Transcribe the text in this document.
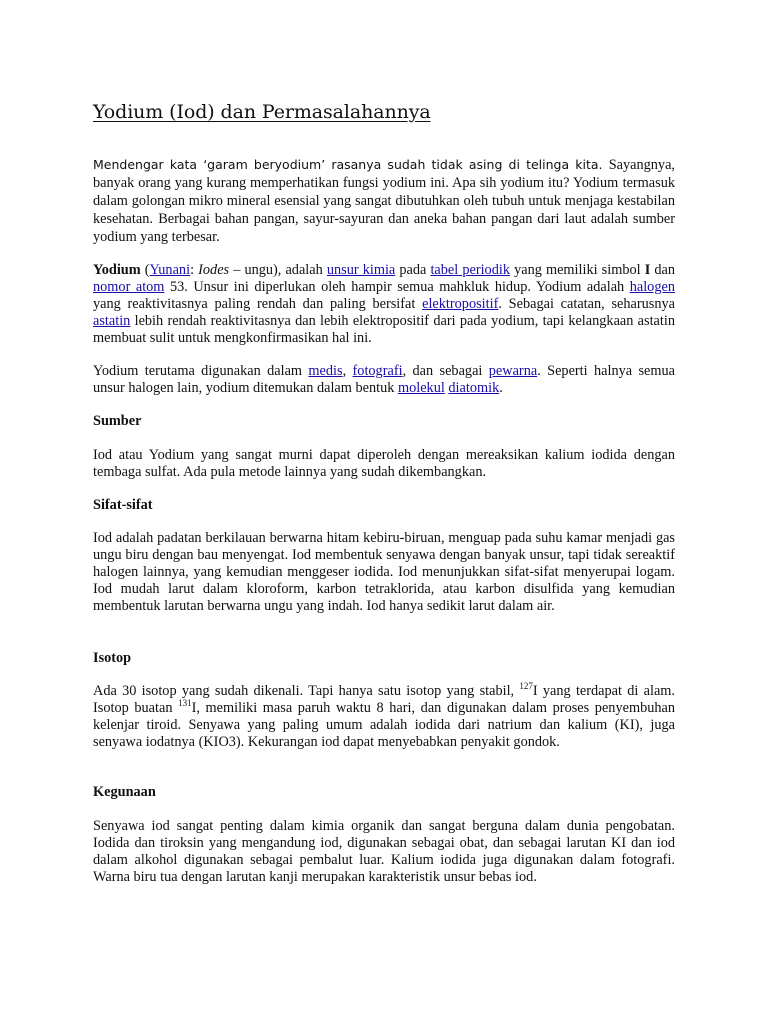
Yodium (Iod) dan Permasalahannya

Mendengar kata ‘garam beryodium’ rasanya sudah tidak asing di telinga kita. Sayangnya, banyak orang yang kurang memperhatikan fungsi yodium ini. Apa sih yodium itu? Yodium termasuk dalam golongan mikro mineral esensial yang sangat dibutuhkan oleh tubuh untuk menjaga kestabilan kesehatan. Berbagai bahan pangan, sayur-sayuran dan aneka bahan pangan dari laut adalah sumber yodium yang terbesar.

Yodium (Yunani: Iodes – ungu), adalah unsur kimia pada tabel periodik yang memiliki simbol I dan nomor atom 53. Unsur ini diperlukan oleh hampir semua mahkluk hidup. Yodium adalah halogen yang reaktivitasnya paling rendah dan paling bersifat elektropositif. Sebagai catatan, seharusnya astatin lebih rendah reaktivitasnya dan lebih elektropositif dari pada yodium, tapi kelangkaan astatin membuat sulit untuk mengkonfirmasikan hal ini.

Yodium terutama digunakan dalam medis, fotografi, dan sebagai pewarna. Seperti halnya semua unsur halogen lain, yodium ditemukan dalam bentuk molekul diatomik.

Sumber

Iod atau Yodium yang sangat murni dapat diperoleh dengan mereaksikan kalium iodida dengan tembaga sulfat. Ada pula metode lainnya yang sudah dikembangkan.

Sifat-sifat

Iod adalah padatan berkilauan berwarna hitam kebiru-biruan, menguap pada suhu kamar menjadi gas ungu biru dengan bau menyengat. Iod membentuk senyawa dengan banyak unsur, tapi tidak sereaktif halogen lainnya, yang kemudian menggeser iodida. Iod menunjukkan sifat-sifat menyerupai logam. Iod mudah larut dalam kloroform, karbon tetraklorida, atau karbon disulfida yang kemudian membentuk larutan berwarna ungu yang indah. Iod hanya sedikit larut dalam air.

Isotop

Ada 30 isotop yang sudah dikenali. Tapi hanya satu isotop yang stabil, $^{127}$I yang terdapat di alam. Isotop buatan $^{131}$I, memiliki masa paruh waktu 8 hari, dan digunakan dalam proses penyembuhan kelenjar tiroid. Senyawa yang paling umum adalah iodida dari natrium dan kalium (KI), juga senyawa iodatnya (KIO3). Kekurangan iod dapat menyebabkan penyakit gondok.

Kegunaan

Senyawa iod sangat penting dalam kimia organik dan sangat berguna dalam dunia pengobatan. Iodida dan tiroksin yang mengandung iod, digunakan sebagai obat, dan sebagai larutan KI dan iod dalam alkohol digunakan sebagai pembalut luar. Kalium iodida juga digunakan dalam fotografi. Warna biru tua dengan larutan kanji merupakan karakteristik unsur bebas iod.
